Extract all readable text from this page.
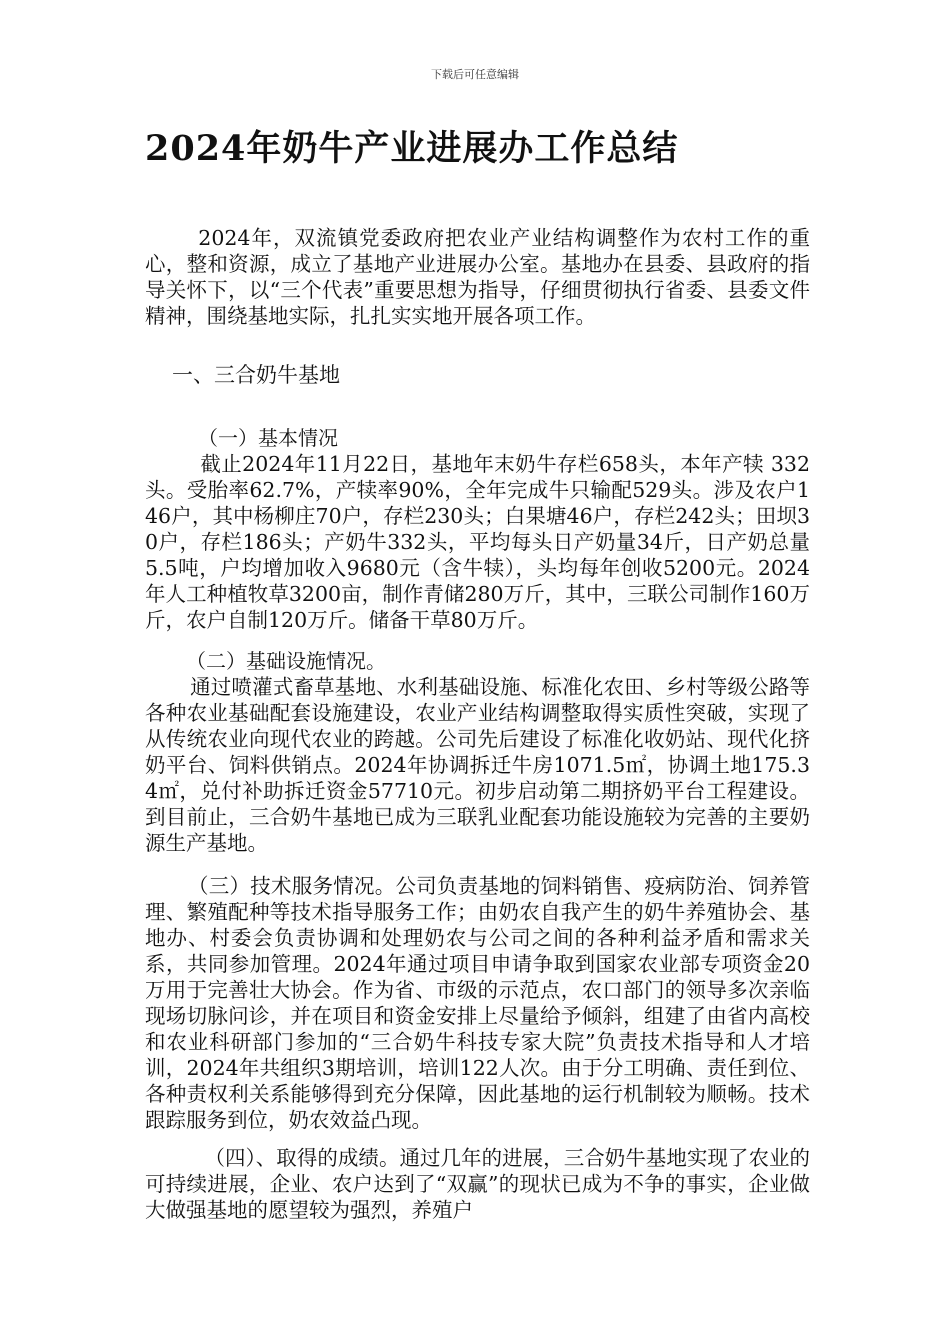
下载后可任意编辑
2024年奶牛产业进展办工作总结

2024年，双流镇党委政府把农业产业结构调整作为农村工作的重心，整和资源，成立了基地产业进展办公室。基地办在县委、县政府的指导关怀下，以“三个代表”重要思想为指导，仔细贯彻执行省委、县委文件精神，围绕基地实际，扎扎实实地开展各项工作。

一、三合奶牛基地
（一）基本情况

截止2024年11月22日，基地年末奶牛存栏658头，本年产犊 332 头。受胎率62.7%，产犊率90%，全年完成牛只输配529头。涉及农户146户，其中杨柳庄70户，存栏230头；白果塘46户，存栏242头；田坝30户，存栏186头；产奶牛332头，平均每头日产奶量34斤，日产奶总量5.5吨，户均增加收入9680元（含牛犊），头均每年创收5200元。2024年人工种植牧草3200亩，制作青储280万斤，其中，三联公司制作160万斤，农户自制120万斤。储备干草80万斤。

（二）基础设施情况。

通过喷灌式畜草基地、水利基础设施、标准化农田、乡村等级公路等各种农业基础配套设施建设，农业产业结构调整取得实质性突破，实现了从传统农业向现代农业的跨越。公司先后建设了标准化收奶站、现代化挤奶平台、饲料供销点。2024年协调拆迁牛房1071.5㎡，协调土地175.34㎡，兑付补助拆迁资金57710元。初步启动第二期挤奶平台工程建设。到目前止，三合奶牛基地已成为三联乳业配套功能设施较为完善的主要奶源生产基地。

（三）技术服务情况。公司负责基地的饲料销售、疫病防治、饲养管理、繁殖配种等技术指导服务工作；由奶农自我产生的奶牛养殖协会、基地办、村委会负责协调和处理奶农与公司之间的各种利益矛盾和需求关系，共同参加管理。2024年通过项目申请争取到国家农业部专项资金20万用于完善壮大协会。作为省、市级的示范点，农口部门的领导多次亲临现场切脉问诊，并在项目和资金安排上尽量给予倾斜，组建了由省内高校和农业科研部门参加的“三合奶牛科技专家大院”负责技术指导和人才培训，2024年共组织3期培训，培训122人次。由于分工明确、责任到位、各种责权利关系能够得到充分保障，因此基地的运行机制较为顺畅。技术跟踪服务到位，奶农效益凸现。

（四）、取得的成绩。通过几年的进展，三合奶牛基地实现了农业的可持续进展，企业、农户达到了“双赢”的现状已成为不争的事实，企业做大做强基地的愿望较为强烈，养殖户
